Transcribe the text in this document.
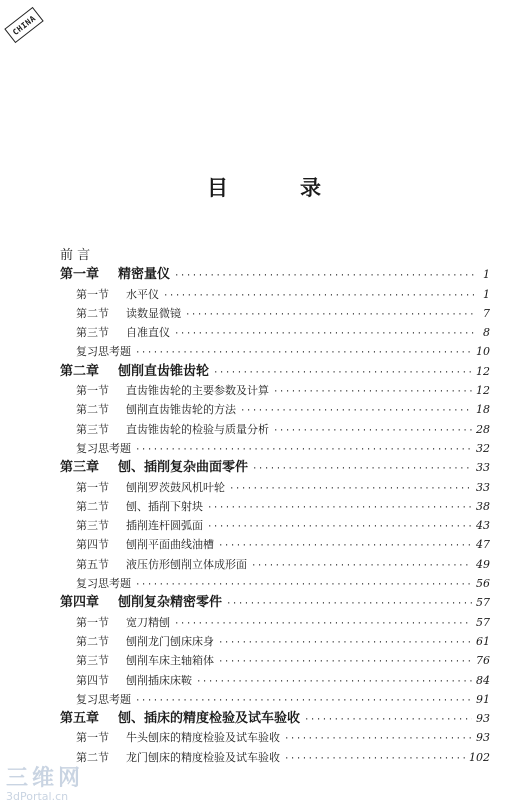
CHINA
目录
前 言
第一章	精密量仪 ·····	1
第一节	水平仪 ·····	1
第二节	读数显微镜 ·····	7
第三节	自准直仪 ·····	8
复习思考题 ·····	10
第二章	刨削直齿锥齿轮 ·····	12
第一节	直齿锥齿轮的主要参数及计算 ·····	12
第二节	刨削直齿锥齿轮的方法 ·····	18
第三节	直齿锥齿轮的检验与质量分析 ·····	28
复习思考题 ·····	32
第三章	刨、插削复杂曲面零件 ·····	33
第一节	刨削罗茨鼓风机叶轮 ·····	33
第二节	刨、插削下射块 ·····	38
第三节	插削连杆圆弧面 ·····	43
第四节	刨削平面曲线油槽 ·····	47
第五节	液压仿形刨削立体成形面 ·····	49
复习思考题 ·····	56
第四章	刨削复杂精密零件 ·····	57
第一节	宽刀精刨 ·····	57
第二节	刨削龙门刨床床身 ·····	61
第三节	刨削车床主轴箱体 ·····	76
第四节	刨削插床床鞍 ·····	84
复习思考题 ·····	91
第五章	刨、插床的精度检验及试车验收 ·····	93
第一节	牛头刨床的精度检验及试车验收 ·····	93
第二节	龙门刨床的精度检验及试车验收 ·····	102
三维网
3dPortal.cn
